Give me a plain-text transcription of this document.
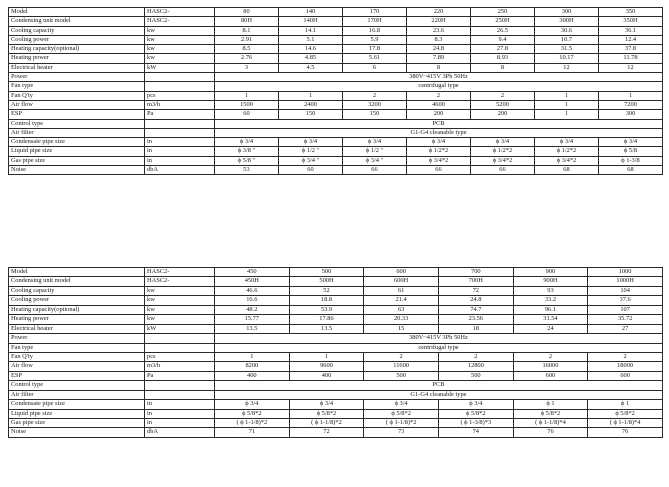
Model	HASC2-	80	140	170	220	250	300	350
Condensing unit model	HASC2-	80H	140H	170H	220H	250H	300H	350H
Cooling capacity	kw	8.1	14.1	16.8	23.6	26.5	30.6	36.1
Cooling power	kw	2.91	5.1	5.9	8.3	9.4	10.7	12.4
Heating capacity(optional)	kw	8.5	14.6	17.8	24.8	27.8	31.5	37.8
Heating power	kw	2.76	4.85	5.61	7.89	8.93	10.17	11.78
Electrical heater	kW	3	4.5	6	8	8	12	12
Power		380V~415V 3Ph 50Hz						
Fan type		centrifugal type						
Fan Q'ty	pcs	1	1	2	2	2	1	1
Air flow	m3/h	1500	2400	3200	4600	5200	1	7200
ESP	Pa	60	150	150	200	200	1	300
Control type		PCB						
Air filter		G1-G4 cleanable type						
Condensate pipe size	in	ϕ 3/4	ϕ 3/4	ϕ 3/4	ϕ 3/4	ϕ 3/4	ϕ 3/4	ϕ 3/4
Liquid pipe size	in	ϕ 3/8 ″	ϕ 1/2 ″	ϕ 1/2 ″	ϕ 1/2*2	ϕ 1/2*2	ϕ 1/2*2	ϕ 5/8
Gas pipe size	in	ϕ 5/8 ″	ϕ 3/4 ″	ϕ 3/4 ″	ϕ 3/4*2	ϕ 3/4*2	ϕ 3/4*2	ϕ 1-3/8
Noise	dbA	53	60	66	66	66	68	68
Model	HASC2-	450	500	600	700	900	1000
Condensing unit model	HASC2-	450H	500H	600H	700H	900H	1000H
Cooling capacity	kw	46.6	52	61	72	93	104
Cooling power	kw	16.6	18.8	21.4	24.8	33.2	37.6
Heating capacity(optional)	kw	48.2	53.9	63	74.7	96.1	107
Heating power	kw	15.77	17.86	20.33	23.56	31.54	35.72
Electrical heater	kW	13.5	13.5	15	18	24	27
Power		380V~415V 3Ph 50Hz					
Fan type		centrifugal type					
Fan Q'ty	pcs	1	1	2	2	2	2
Air flow	m3/h	8200	9600	11600	12800	16000	18000
ESP	Pa	400	400	500	500	600	600
Control type		PCB					
Air filter		G1-G4 cleanable type					
Condensate pipe size	in	ϕ 3/4	ϕ 3/4	ϕ 3/4	ϕ 3/4	ϕ 1	ϕ 1
Liquid pipe size	in	ϕ 5/8*2	ϕ 5/8*2	ϕ 5/8*2	ϕ 5/8*2	ϕ 5/8*2	ϕ 5/8*2
Gas pipe size	in	( ϕ 1-1/8)*2	( ϕ 1-1/8)*2	( ϕ 1-1/8)*2	( ϕ 1-3/8)*3	( ϕ 1-1/8)*4	( ϕ 1-1/8)*4
Noise	dbA	71	72	73	74	76	76
